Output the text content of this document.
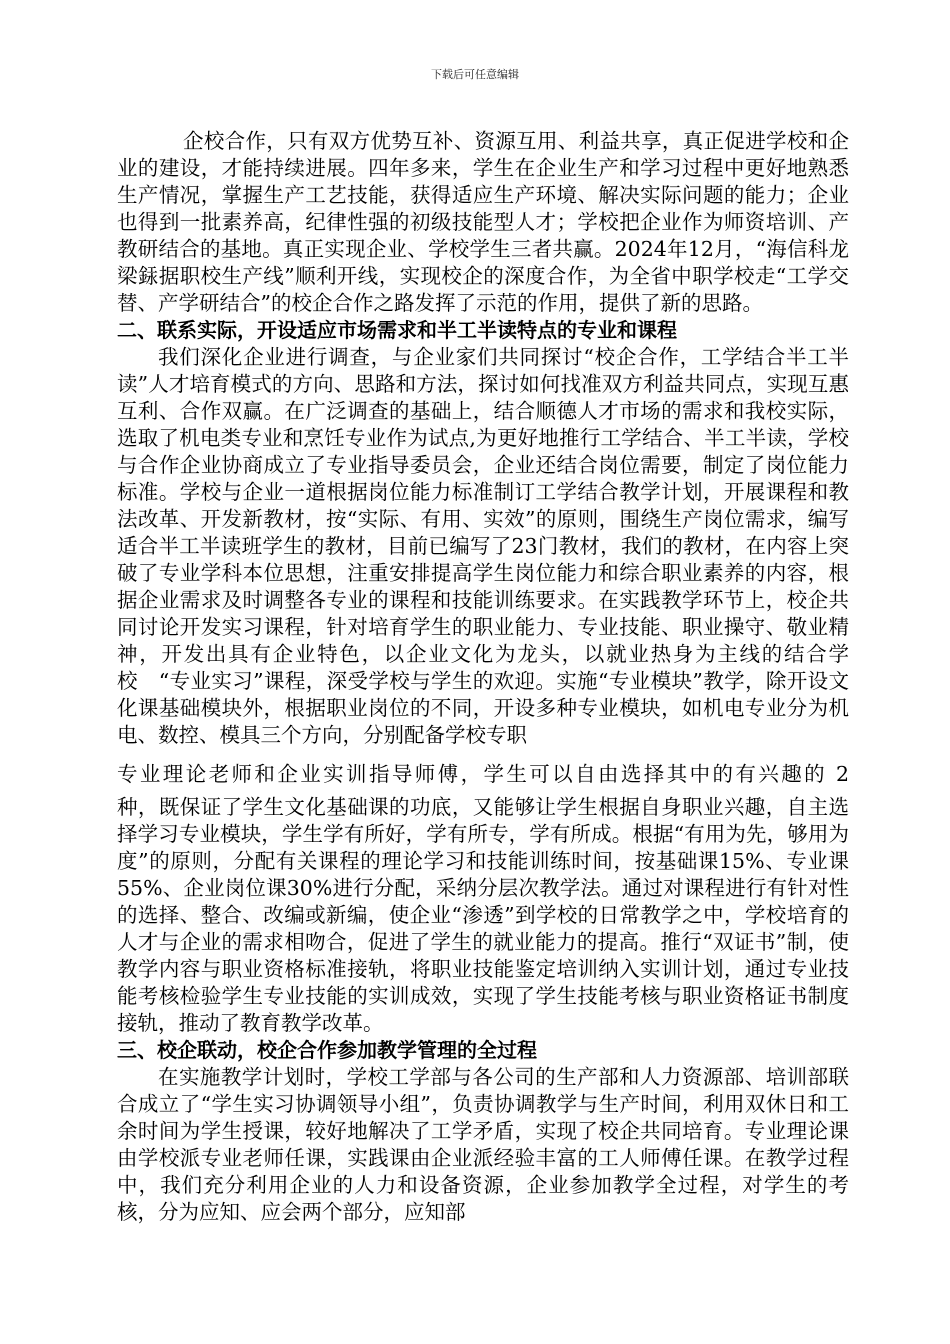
下载后可任意编辑

企校合作，只有双方优势互补、资源互用、利益共享，真正促进学校和企业的建设，才能持续进展。四年多来，学生在企业生产和学习过程中更好地熟悉生产情况，掌握生产工艺技能，获得适应生产环境、解决实际问题的能力；企业也得到一批素养高，纪律性强的初级技能型人才；学校把企业作为师资培训、产教研结合的基地。真正实现企业、学校学生三者共赢。2024年12月，“海信科龙梁銾据职校生产线”顺利开线，实现校企的深度合作，为全省中职学校走“工学交替、产学研结合”的校企合作之路发挥了示范的作用，提供了新的思路。

二、联系实际，开设适应市场需求和半工半读特点的专业和课程

我们深化企业进行调查，与企业家们共同探讨“校企合作，工学结合半工半读”人才培育模式的方向、思路和方法，探讨如何找准双方利益共同点，实现互惠互利、合作双赢。在广泛调查的基础上，结合顺德人才市场的需求和我校实际，选取了机电类专业和烹饪专业作为试点,为更好地推行工学结合、半工半读，学校与合作企业协商成立了专业指导委员会，企业还结合岗位需要，制定了岗位能力标准。学校与企业一道根据岗位能力标准制订工学结合教学计划，开展课程和教法改革、开发新教材，按“实际、有用、实效”的原则，围绕生产岗位需求，编写适合半工半读班学生的教材，目前已编写了23门教材，我们的教材，在内容上突破了专业学科本位思想，注重安排提高学生岗位能力和综合职业素养的内容，根据企业需求及时调整各专业的课程和技能训练要求。在实践教学环节上，校企共同讨论开发实习课程，针对培育学生的职业能力、专业技能、职业操守、敬业精神，开发出具有企业特色，以企业文化为龙头，以就业热身为主线的结合学校　“专业实习”课程，深受学校与学生的欢迎。实施“专业模块”教学，除开设文化课基础模块外，根据职业岗位的不同，开设多种专业模块，如机电专业分为机电、数控、模具三个方向，分别配备学校专职

专业理论老师和企业实训指导师傅，学生可以自由选择其中的有兴趣的 2

种，既保证了学生文化基础课的功底，又能够让学生根据自身职业兴趣，自主选择学习专业模块，学生学有所好，学有所专，学有所成。根据“有用为先，够用为度”的原则，分配有关课程的理论学习和技能训练时间，按基础课15%、专业课55%、企业岗位课30%进行分配，采纳分层次教学法。通过对课程进行有针对性的选择、整合、改编或新编，使企业“渗透”到学校的日常教学之中，学校培育的人才与企业的需求相吻合，促进了学生的就业能力的提高。推行“双证书”制，使教学内容与职业资格标准接轨，将职业技能鉴定培训纳入实训计划，通过专业技能考核检验学生专业技能的实训成效，实现了学生技能考核与职业资格证书制度接轨，推动了教育教学改革。

三、校企联动，校企合作参加教学管理的全过程

在实施教学计划时，学校工学部与各公司的生产部和人力资源部、培训部联合成立了“学生实习协调领导小组”，负责协调教学与生产时间，利用双休日和工余时间为学生授课，较好地解决了工学矛盾，实现了校企共同培育。专业理论课由学校派专业老师任课，实践课由企业派经验丰富的工人师傅任课。在教学过程中，我们充分利用企业的人力和设备资源，企业参加教学全过程，对学生的考核，分为应知、应会两个部分，应知部
